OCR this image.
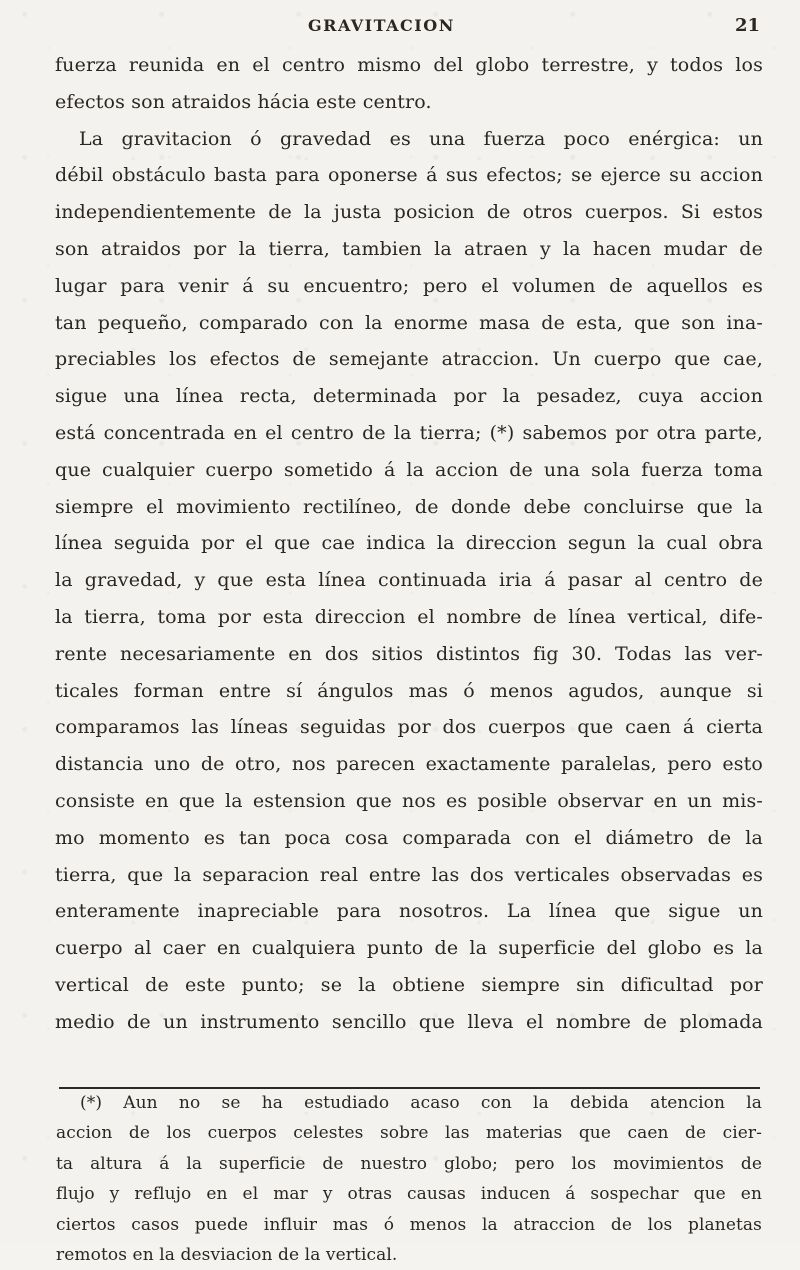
GRAVITACION	21
fuerza reunida en el centro mismo del globo terrestre, y todos los
efectos son atraidos hácia este centro.
La gravitacion ó gravedad es una fuerza poco enérgica: un
débil obstáculo basta para oponerse á sus efectos; se ejerce su accion
independientemente de la justa posicion de otros cuerpos. Si estos
son atraidos por la tierra, tambien la atraen y la hacen mudar de
lugar para venir á su encuentro; pero el volumen de aquellos es
tan pequeño, comparado con la enorme masa de esta, que son ina-
preciables los efectos de semejante atraccion. Un cuerpo que cae,
sigue una línea recta, determinada por la pesadez, cuya accion
está concentrada en el centro de la tierra; (*) sabemos por otra parte,
que cualquier cuerpo sometido á la accion de una sola fuerza toma
siempre el movimiento rectilíneo, de donde debe concluirse que la
línea seguida por el que cae indica la direccion segun la cual obra
la gravedad, y que esta línea continuada iria á pasar al centro de
la tierra, toma por esta direccion el nombre de línea vertical, dife-
rente necesariamente en dos sitios distintos fig 30. Todas las ver-
ticales forman entre sí ángulos mas ó menos agudos, aunque si
comparamos las líneas seguidas por dos cuerpos que caen á cierta
distancia uno de otro, nos parecen exactamente paralelas, pero esto
consiste en que la estension que nos es posible observar en un mis-
mo momento es tan poca cosa comparada con el diámetro de la
tierra, que la separacion real entre las dos verticales observadas es
enteramente inapreciable para nosotros. La línea que sigue un
cuerpo al caer en cualquiera punto de la superficie del globo es la
vertical de este punto; se la obtiene siempre sin dificultad por
medio de un instrumento sencillo que lleva el nombre de plomada
(*) Aun no se ha estudiado acaso con la debida atencion la
accion de los cuerpos celestes sobre las materias que caen de cier-
ta altura á la superficie de nuestro globo; pero los movimientos de
flujo y reflujo en el mar y otras causas inducen á sospechar que en
ciertos casos puede influir mas ó menos la atraccion de los planetas
remotos en la desviacion de la vertical.
